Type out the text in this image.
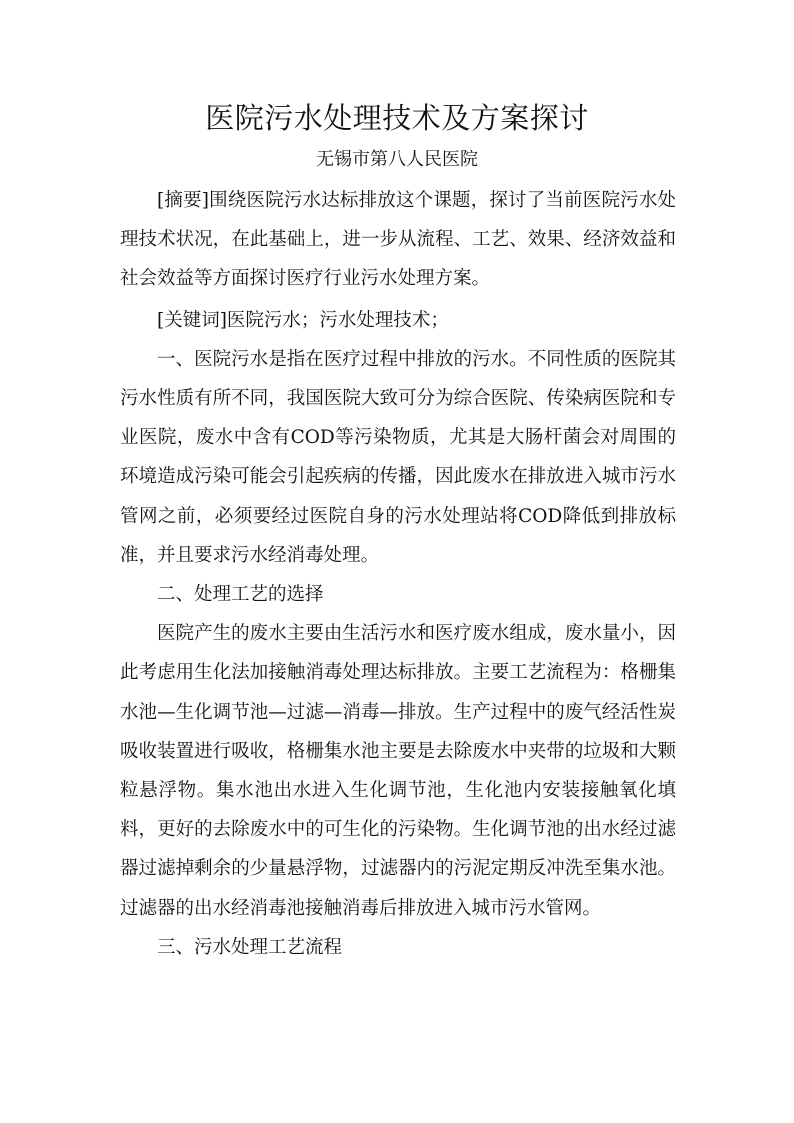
医院污水处理技术及方案探讨
无锡市第八人民医院

[摘要]围绕医院污水达标排放这个课题，探讨了当前医院污水处理技术状况，在此基础上，进一步从流程、工艺、效果、经济效益和社会效益等方面探讨医疗行业污水处理方案。

[关键词]医院污水；污水处理技术；

一、医院污水是指在医疗过程中排放的污水。不同性质的医院其污水性质有所不同，我国医院大致可分为综合医院、传染病医院和专业医院，废水中含有COD等污染物质，尤其是大肠杆菌会对周围的环境造成污染可能会引起疾病的传播，因此废水在排放进入城市污水管网之前，必须要经过医院自身的污水处理站将COD降低到排放标准，并且要求污水经消毒处理。

二、处理工艺的选择

医院产生的废水主要由生活污水和医疗废水组成，废水量小，因此考虑用生化法加接触消毒处理达标排放。主要工艺流程为：格栅集水池—生化调节池—过滤—消毒—排放。生产过程中的废气经活性炭吸收装置进行吸收，格栅集水池主要是去除废水中夹带的垃圾和大颗粒悬浮物。集水池出水进入生化调节池，生化池内安装接触氧化填料，更好的去除废水中的可生化的污染物。生化调节池的出水经过滤器过滤掉剩余的少量悬浮物，过滤器内的污泥定期反冲洗至集水池。过滤器的出水经消毒池接触消毒后排放进入城市污水管网。

三、污水处理工艺流程
